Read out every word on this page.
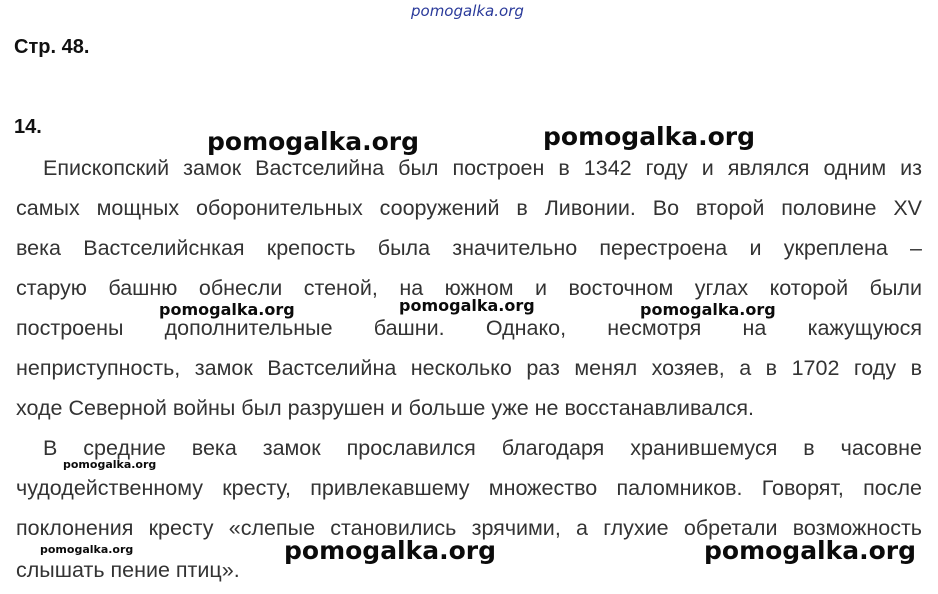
pomogalka.org
pomogalka.org	pomogalka.org
pomogalka.org	pomogalka.org	pomogalka.org
pomogalka.org
pomogalka.org	pomogalka.org	pomogalka.org
Стр. 48.
14.
Епископский замок Вастселийна был построен в 1342 году и являлся одним из
самых мощных оборонительных сооружений в Ливонии. Во второй половине XV
века Вастселийснкая крепость была значительно перестроена и укреплена –
старую башню обнесли стеной, на южном и восточном углах которой были
построены дополнительные башни. Однако, несмотря на кажущуюся
неприступность, замок Вастселийна несколько раз менял хозяев, а в 1702 году в
ходе Северной войны был разрушен и больше уже не восстанавливался.
В средние века замок прославился благодаря хранившемуся в часовне
чудодейственному кресту, привлекавшему множество паломников. Говорят, после
поклонения кресту «слепые становились зрячими, а глухие обретали возможность
слышать пение птиц».
